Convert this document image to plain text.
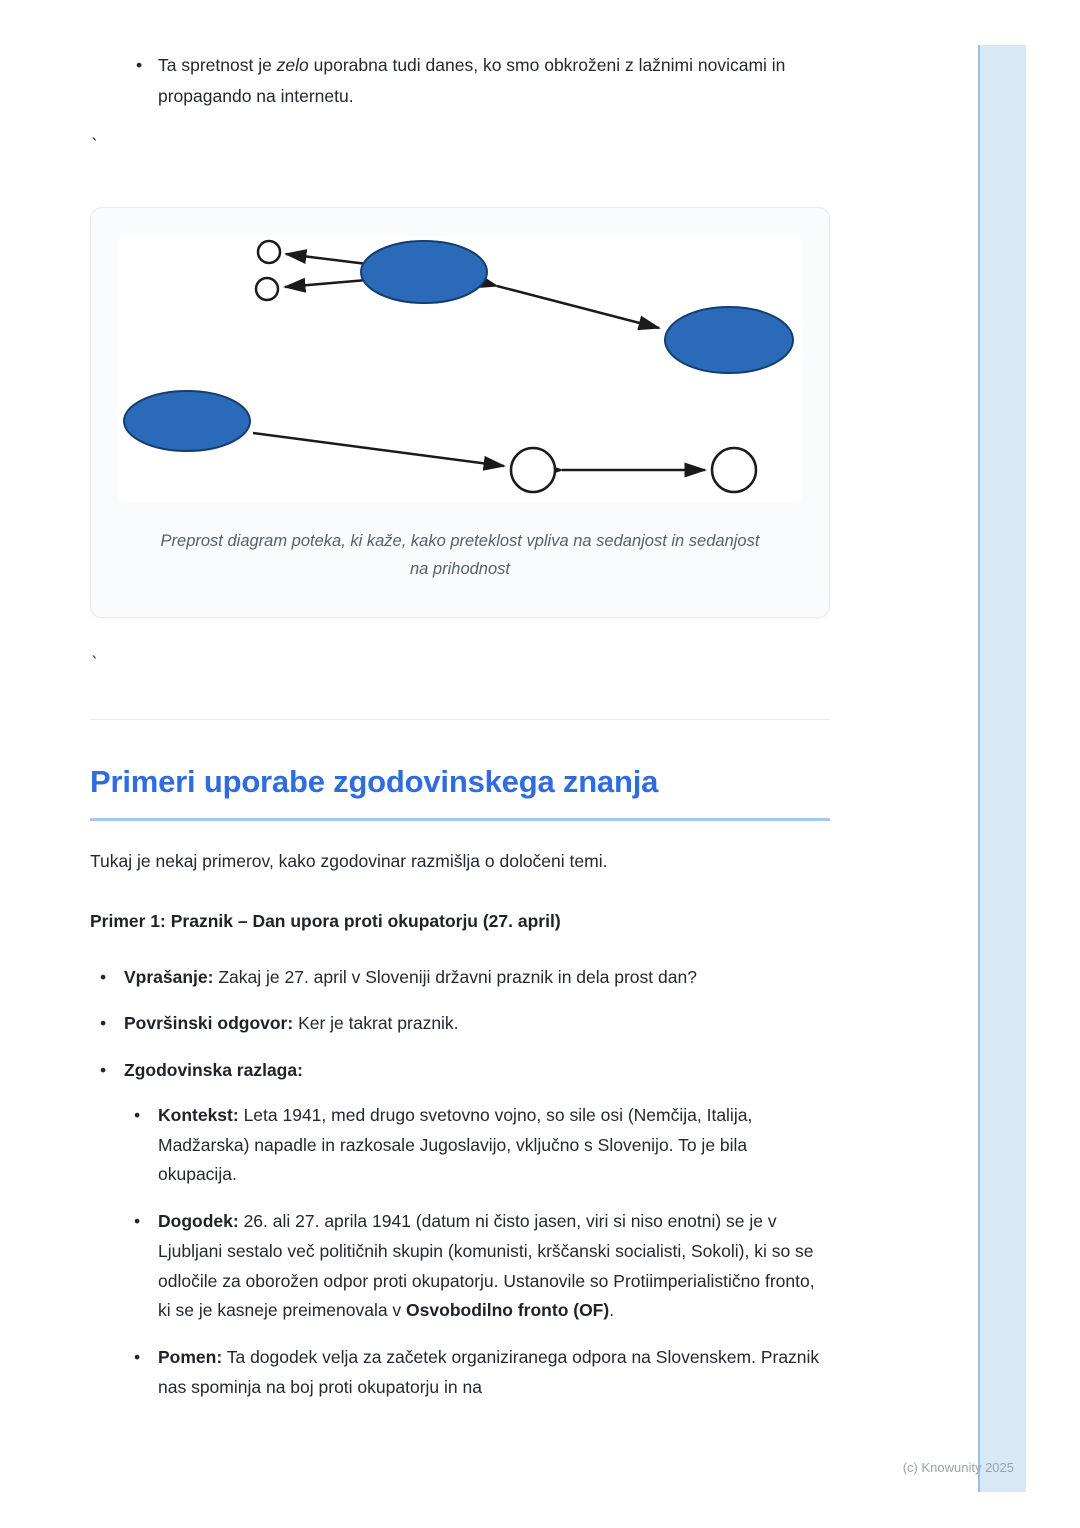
• Ta spretnost je zelo uporabna tudi danes, ko smo obkroženi z lažnimi novicami in propagando na internetu.
`
Preprost diagram poteka, ki kaže, kako preteklost vpliva na sedanjost in sedanjost na prihodnost
`
Primeri uporabe zgodovinskega znanja

Tukaj je nekaj primerov, kako zgodovinar razmišlja o določeni temi.

Primer 1: Praznik – Dan upora proti okupatorju (27. april)

• Vprašanje: Zakaj je 27. april v Sloveniji državni praznik in dela prost dan?
• Površinski odgovor: Ker je takrat praznik.
• Zgodovinska razlaga:
• Kontekst: Leta 1941, med drugo svetovno vojno, so sile osi (Nemčija, Italija, Madžarska) napadle in razkosale Jugoslavijo, vključno s Slovenijo. To je bila okupacija.
• Dogodek: 26. ali 27. aprila 1941 (datum ni čisto jasen, viri si niso enotni) se je v Ljubljani sestalo več političnih skupin (komunisti, krščanski socialisti, Sokoli), ki so se odločile za oborožen odpor proti okupatorju. Ustanovile so Protiimperialistično fronto, ki se je kasneje preimenovala v Osvobodilno fronto (OF).
• Pomen: Ta dogodek velja za začetek organiziranega odpora na Slovenskem. Praznik nas spominja na boj proti okupatorju in na
(c) Knowunity 2025
